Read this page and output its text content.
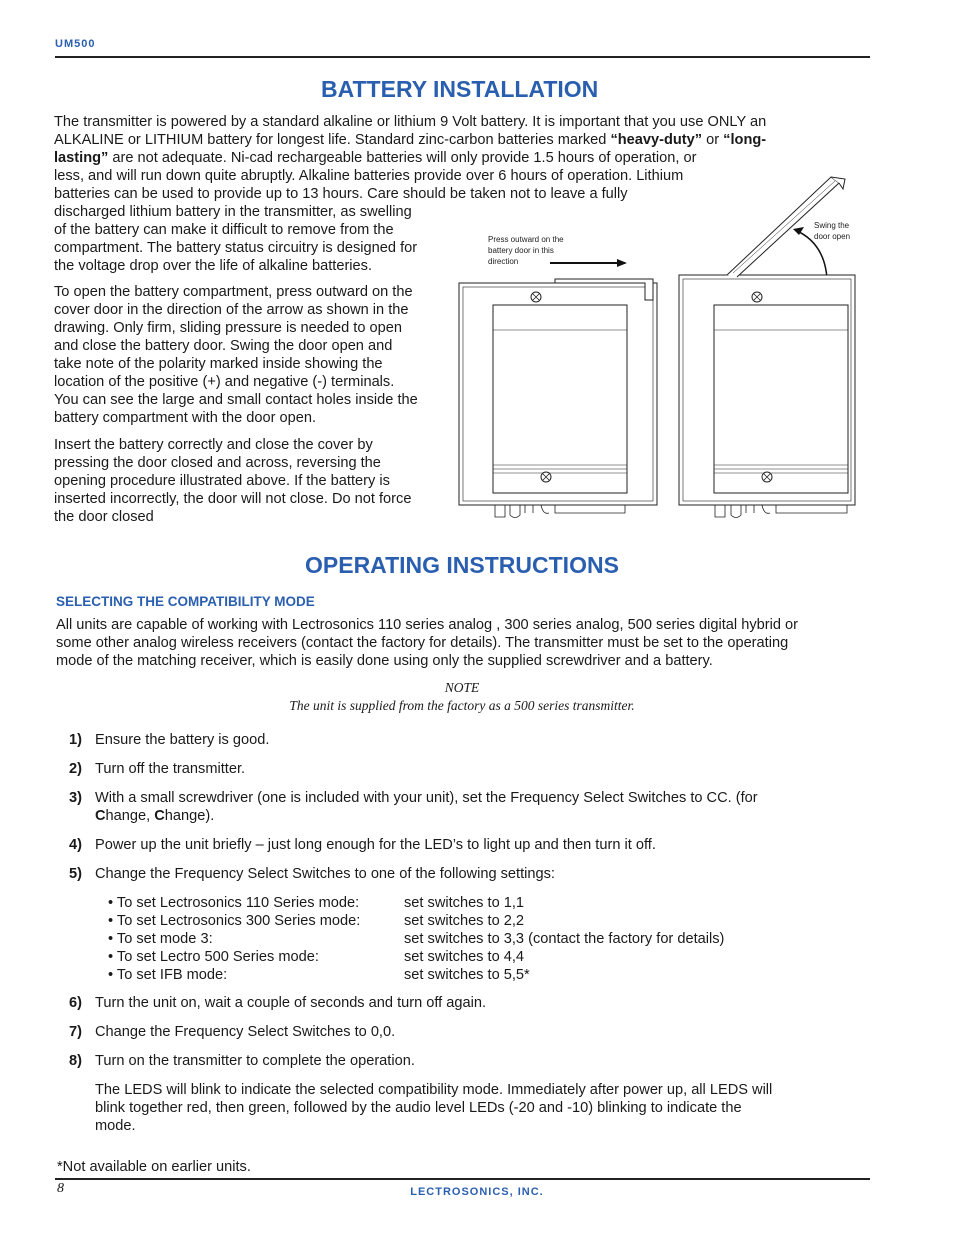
UM500
BATTERY INSTALLATION
The transmitter is powered by a standard alkaline or lithium 9 Volt battery. It is important that you use ONLY an
ALKALINE or LITHIUM battery for longest life. Standard zinc-carbon batteries marked “heavy-duty” or “long-
lasting” are not adequate. Ni-cad rechargeable batteries will only provide 1.5 hours of operation, or
less, and will run down quite abruptly. Alkaline batteries provide over 6 hours of operation. Lithium
batteries can be used to provide up to 13 hours. Care should be taken not to leave a fully
discharged lithium battery in the transmitter, as swelling
of the battery can make it difficult to remove from the
compartment. The battery status circuitry is designed for
the voltage drop over the life of alkaline batteries.
To open the battery compartment, press outward on the
cover door in the direction of the arrow as shown in the
drawing. Only firm, sliding pressure is needed to open
and close the battery door. Swing the door open and
take note of the polarity marked inside showing the
location of the positive (+) and negative (-) terminals.
You can see the large and small contact holes inside the
battery compartment with the door open.
Insert the battery correctly and close the cover by
pressing the door closed and across, reversing the
opening procedure illustrated above. If the battery is
inserted incorrectly, the door will not close. Do not force
the door closed
Press outward on the
battery door in this
direction
Swing the
door open
OPERATING INSTRUCTIONS
SELECTING THE COMPATIBILITY MODE
All units are capable of working with Lectrosonics 110 series analog , 300 series analog, 500 series digital hybrid or
some other analog wireless receivers (contact the factory for details). The transmitter must be set to the operating
mode of the matching receiver, which is easily done using only the supplied screwdriver and a battery.
NOTE
The unit is supplied from the factory as a 500 series transmitter.
1) Ensure the battery is good.
2) Turn off the transmitter.
3) With a small screwdriver (one is included with your unit), set the Frequency Select Switches to CC. (for
Change, Change).
4) Power up the unit briefly – just long enough for the LED’s to light up and then turn it off.
5) Change the Frequency Select Switches to one of the following settings:
• To set Lectrosonics 110 Series mode:	set switches to 1,1
• To set Lectrosonics 300 Series mode:	set switches to 2,2
• To set mode 3:	set switches to 3,3 (contact the factory for details)
• To set Lectro 500 Series mode:	set switches to 4,4
• To set IFB mode:	set switches to 5,5*
6) Turn the unit on, wait a couple of seconds and turn off again.
7) Change the Frequency Select Switches to 0,0.
8) Turn on the transmitter to complete the operation.
The LEDS will blink to indicate the selected compatibility mode. Immediately after power up, all LEDS will
blink together red, then green, followed by the audio level LEDs (-20 and -10) blinking to indicate the
mode.
*Not available on earlier units.
8	LECTROSONICS, INC.
